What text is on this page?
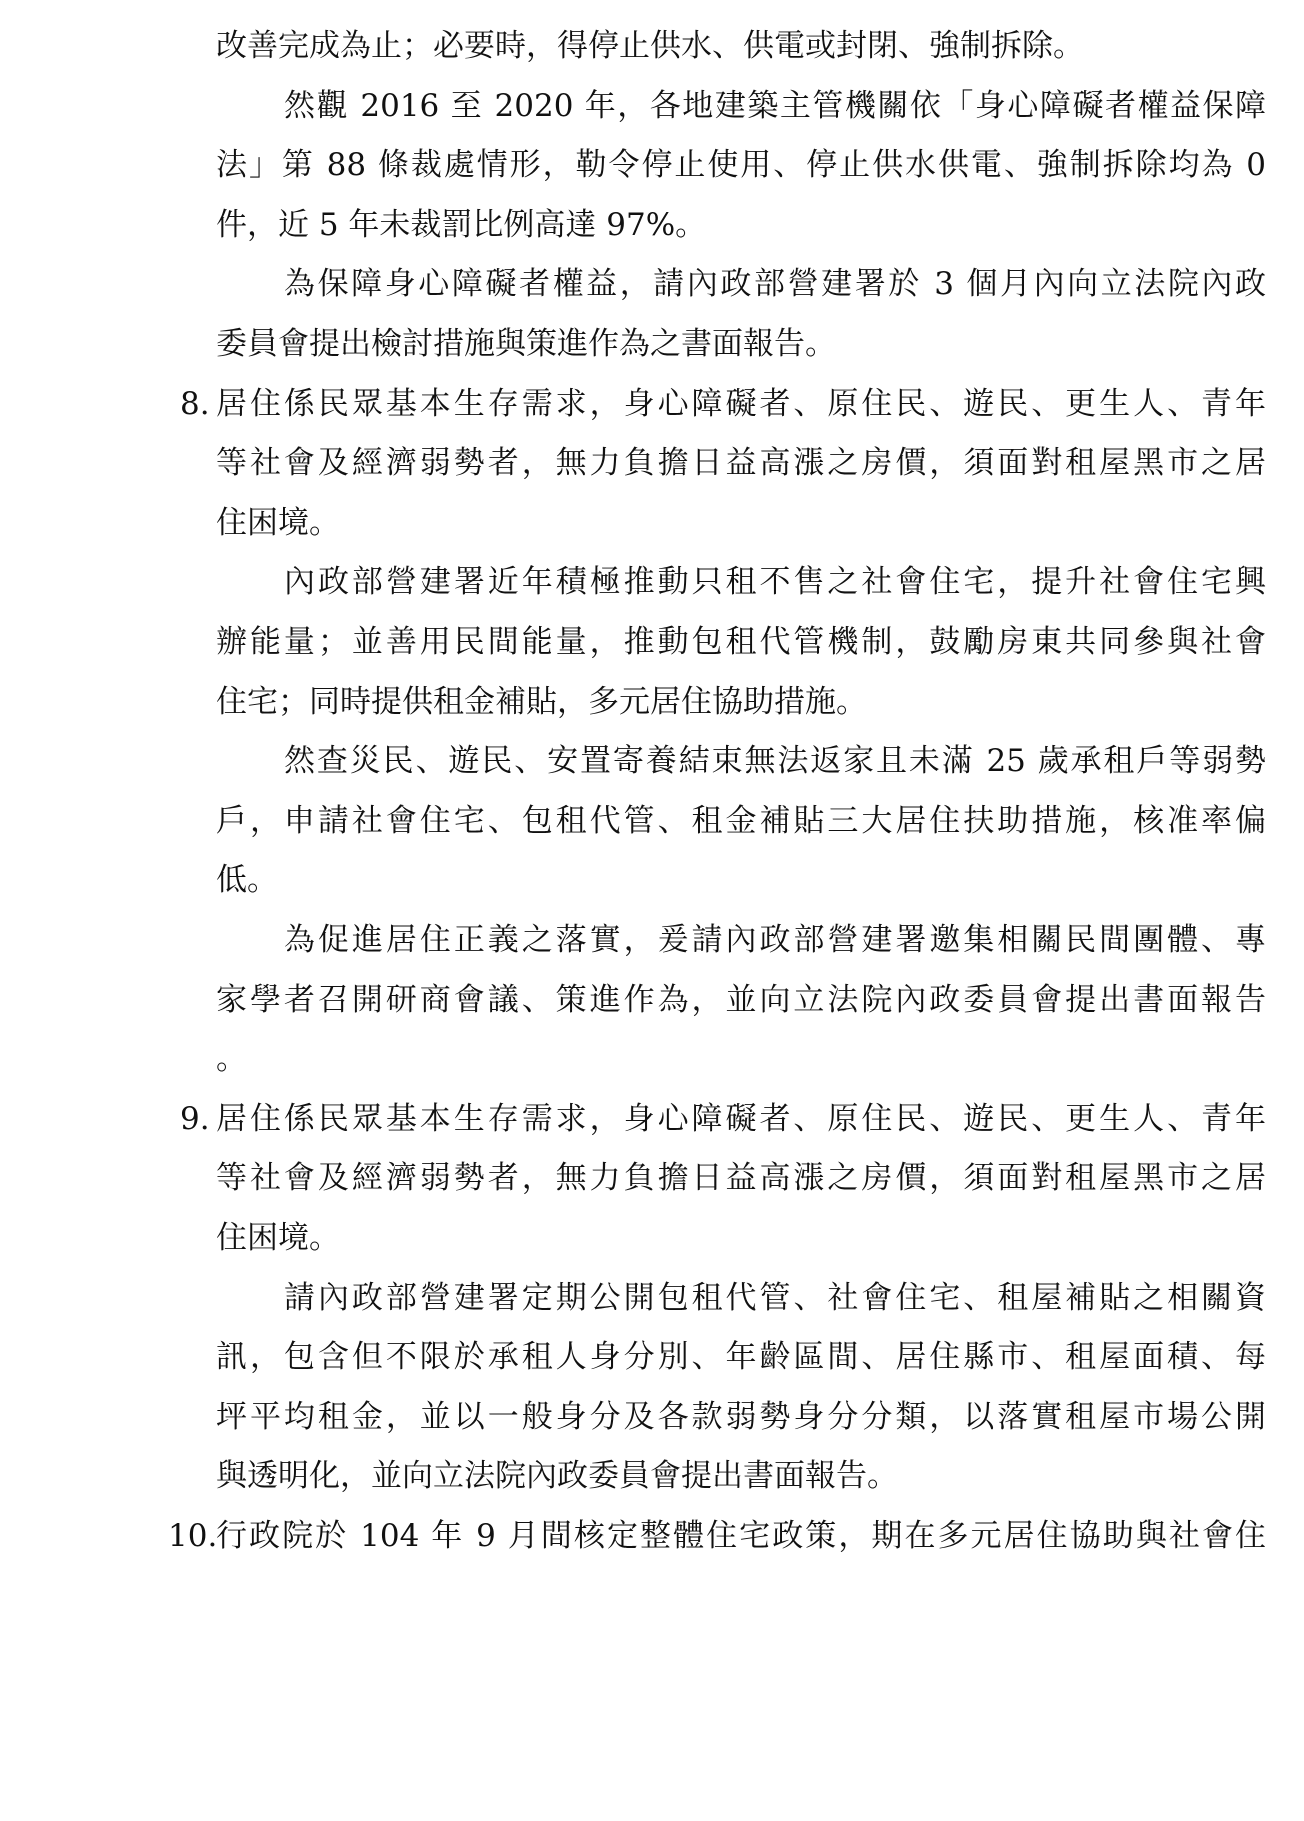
改善完成為止；必要時，得停止供水、供電或封閉、強制拆除。
然觀 2016 至 2020 年，各地建築主管機關依「身心障礙者權益保障
法」第 88 條裁處情形，勒令停止使用、停止供水供電、強制拆除均為 0
件，近 5 年未裁罰比例高達 97%。
為保障身心障礙者權益，請內政部營建署於 3 個月內向立法院內政
委員會提出檢討措施與策進作為之書面報告。
8. 居住係民眾基本生存需求，身心障礙者、原住民、遊民、更生人、青年
等社會及經濟弱勢者，無力負擔日益高漲之房價，須面對租屋黑市之居
住困境。
內政部營建署近年積極推動只租不售之社會住宅，提升社會住宅興
辦能量；並善用民間能量，推動包租代管機制，鼓勵房東共同參與社會
住宅；同時提供租金補貼，多元居住協助措施。
然查災民、遊民、安置寄養結束無法返家且未滿 25 歲承租戶等弱勢
戶，申請社會住宅、包租代管、租金補貼三大居住扶助措施，核准率偏
低。
為促進居住正義之落實，爰請內政部營建署邀集相關民間團體、專
家學者召開研商會議、策進作為，並向立法院內政委員會提出書面報告
。
9. 居住係民眾基本生存需求，身心障礙者、原住民、遊民、更生人、青年
等社會及經濟弱勢者，無力負擔日益高漲之房價，須面對租屋黑市之居
住困境。
請內政部營建署定期公開包租代管、社會住宅、租屋補貼之相關資
訊，包含但不限於承租人身分別、年齡區間、居住縣市、租屋面積、每
坪平均租金，並以一般身分及各款弱勢身分分類，以落實租屋市場公開
與透明化，並向立法院內政委員會提出書面報告。
10.
行政院於 104 年 9 月間核定整體住宅政策，期在多元居住協助與社會住
